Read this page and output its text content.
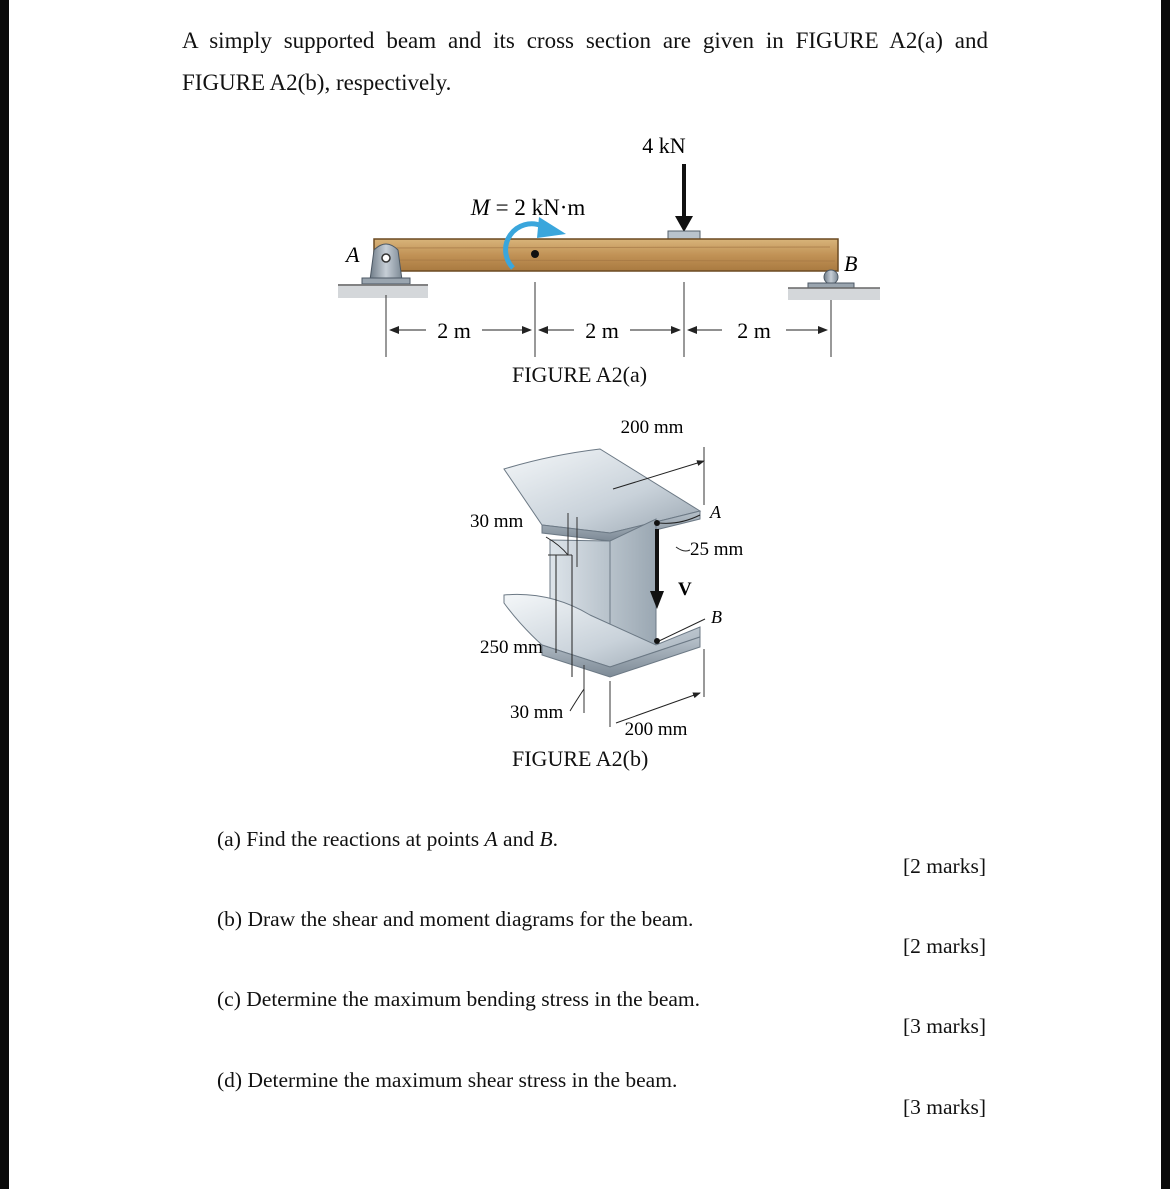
A simply supported beam and its cross section are given in FIGURE A2(a) and
FIGURE A2(b), respectively.

4 kN
M = 2 kN·m
A	B
2 m	2 m	2 m
FIGURE A2(a)
200 mm
V
A
B
25 mm
30 mm
250 mm
30 mm
200 mm
FIGURE A2(b)
(a) Find the reactions at points A and B.
[2 marks]
(b) Draw the shear and moment diagrams for the beam.
[2 marks]
(c) Determine the maximum bending stress in the beam.
[3 marks]
(d) Determine the maximum shear stress in the beam.
[3 marks]
